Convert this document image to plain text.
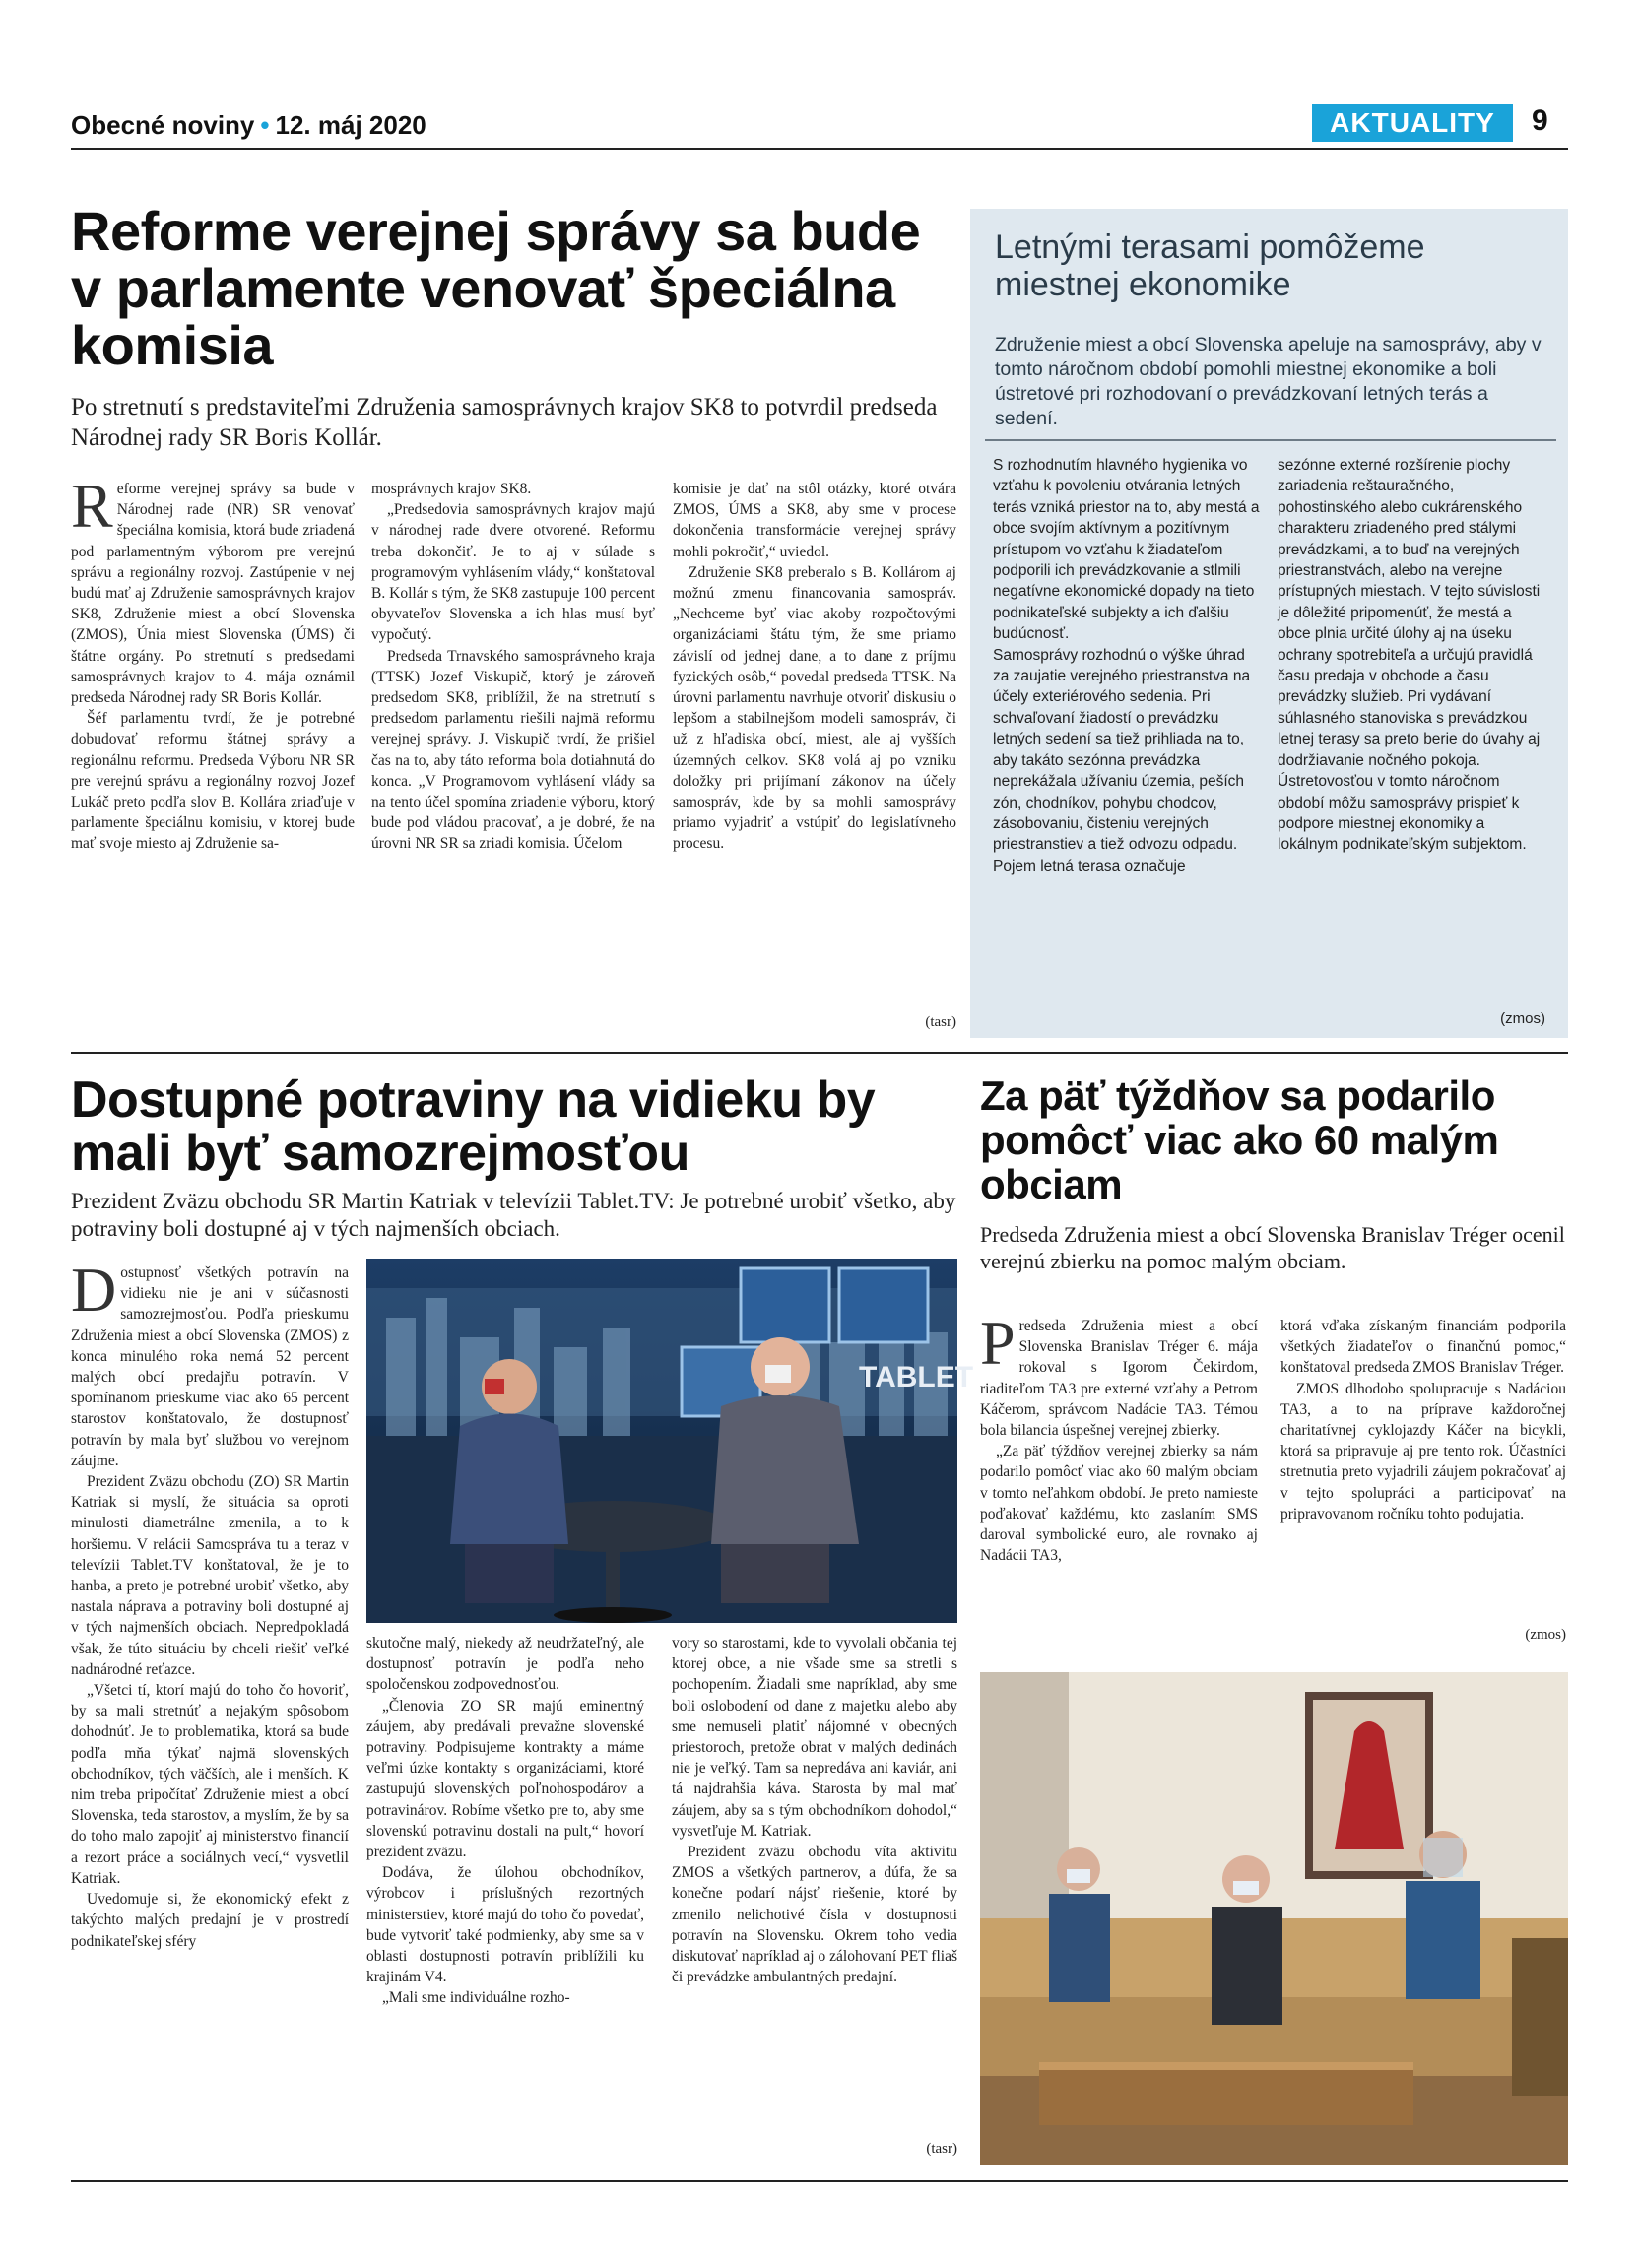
Obecné noviny • 12. máj 2020	AKTUALITY	9
Reforme verejnej správy sa bude v parlamente venovať špeciálna komisia
Po stretnutí s predstaviteľmi Združenia samosprávnych krajov SK8 to potvrdil predseda Národnej rady SR Boris Kollár.

Reforme verejnej správy sa bude v Národnej rade (NR) SR venovať špeciálna komisia, ktorá bude zriadená pod parlamentným výborom pre verejnú správu a regionálny rozvoj. Zastúpenie v nej budú mať aj Združenie samosprávnych krajov SK8, Združenie miest a obcí Slovenska (ZMOS), Únia miest Slovenska (ÚMS) či štátne orgány. Po stretnutí s predsedami samosprávnych krajov to 4. mája oznámil predseda Národnej rady SR Boris Kollár.

Šéf parlamentu tvrdí, že je potrebné dobudovať reformu štátnej správy a regionálnu reformu. Predseda Výboru NR SR pre verejnú správu a regionálny rozvoj Jozef Lukáč preto podľa slov B. Kollára zriaďuje v parlamente špeciálnu komisiu, v ktorej bude mať svoje miesto aj Združenie sa-

mosprávnych krajov SK8.

„Predsedovia samosprávnych krajov majú v národnej rade dvere otvorené. Reformu treba dokončiť. Je to aj v súlade s programovým vyhlásením vlády,“ konštatoval B. Kollár s tým, že SK8 zastupuje 100 percent obyvateľov Slovenska a ich hlas musí byť vypočutý.

Predseda Trnavského samosprávneho kraja (TTSK) Jozef Viskupič, ktorý je zároveň predsedom SK8, priblížil, že na stretnutí s predsedom parlamentu riešili najmä reformu verejnej správy. J. Viskupič tvrdí, že prišiel čas na to, aby táto reforma bola dotiahnutá do konca. „V Programovom vyhlásení vlády sa na tento účel spomína zriadenie výboru, ktorý bude pod vládou pracovať, a je dobré, že na úrovni NR SR sa zriadi komisia. Účelom

komisie je dať na stôl otázky, ktoré otvára ZMOS, ÚMS a SK8, aby sme v procese dokončenia transformácie verejnej správy mohli pokročiť,“ uviedol.

Združenie SK8 preberalo s B. Kollárom aj možnú zmenu financovania samospráv. „Nechceme byť viac akoby rozpočtovými organizáciami štátu tým, že sme priamo závislí od jednej dane, a to dane z príjmu fyzických osôb,“ povedal predseda TTSK. Na úrovni parlamentu navrhuje otvoriť diskusiu o lepšom a stabilnejšom modeli samospráv, či už z hľadiska obcí, miest, ale aj vyšších územných celkov. SK8 volá aj po vzniku doložky pri prijímaní zákonov na účely samospráv, kde by sa mohli samosprávy priamo vyjadriť a vstúpiť do legislatívneho procesu.

(tasr)
Letnými terasami pomôžeme miestnej ekonomike
Združenie miest a obcí Slovenska apeluje na samosprávy, aby v tomto náročnom období pomohli miestnej ekonomike a boli ústretové pri rozhodovaní o prevádzkovaní letných terás a sedení.

S rozhodnutím hlavného hygienika vo vzťahu k povoleniu otvárania letných terás vzniká priestor na to, aby mestá a obce svojím aktívnym a pozitívnym prístupom vo vzťahu k žiadateľom podporili ich prevádzkovanie a stlmili negatívne ekonomické dopady na tieto podnikateľské subjekty a ich ďalšiu budúcnosť.

Samosprávy rozhodnú o výške úhrad za zaujatie verejného priestranstva na účely exteriérového sedenia. Pri schvaľovaní žiadostí o prevádzku letných sedení sa tiež prihliada na to, aby takáto sezónna prevádzka neprekážala užívaniu územia, peších zón, chodníkov, pohybu chodcov, zásobovaniu, čisteniu verejných priestranstiev a tiež odvozu odpadu.

Pojem letná terasa označuje

sezónne externé rozšírenie plochy zariadenia reštauračného, pohostinského alebo cukrárenského charakteru zriadeného pred stálymi prevádzkami, a to buď na verejných priestranstvách, alebo na verejne prístupných miestach. V tejto súvislosti je dôležité pripomenúť, že mestá a obce plnia určité úlohy aj na úseku ochrany spotrebiteľa a určujú pravidlá času predaja v obchode a času prevádzky služieb. Pri vydávaní súhlasného stanoviska s prevádzkou letnej terasy sa preto berie do úvahy aj dodržiavanie nočného pokoja.

Ústretovosťou v tomto náročnom období môžu samosprávy prispieť k podpore miestnej ekonomiky a lokálnym podnikateľským subjektom.

(zmos)
Dostupné potraviny na vidieku by mali byť samozrejmosťou
Prezident Zväzu obchodu SR Martin Katriak v televízii Tablet.TV: Je potrebné urobiť všetko, aby potraviny boli dostupné aj v tých najmenších obciach.

Dostupnosť všetkých potravín na vidieku nie je ani v súčasnosti samozrejmosťou. Podľa prieskumu Združenia miest a obcí Slovenska (ZMOS) z konca minulého roka nemá 52 percent malých obcí predajňu potravín. V spomínanom prieskume viac ako 65 percent starostov konštatovalo, že dostupnosť potravín by mala byť službou vo verejnom záujme.

Prezident Zväzu obchodu (ZO) SR Martin Katriak si myslí, že situácia sa oproti minulosti diametrálne zmenila, a to k horšiemu. V relácii Samospráva tu a teraz v televízii Tablet.TV konštatoval, že je to hanba, a preto je potrebné urobiť všetko, aby nastala náprava a potraviny boli dostupné aj v tých najmenších obciach. Nepredpokladá však, že túto situáciu by chceli riešiť veľké nadnárodné reťazce.

„Všetci tí, ktorí majú do toho čo hovoriť, by sa mali stretnúť a nejakým spôsobom dohodnúť. Je to problematika, ktorá sa bude podľa mňa týkať najmä slovenských obchodníkov, tých väčších, ale i menších. K nim treba pripočítať Združenie miest a obcí Slovenska, teda starostov, a myslím, že by sa do toho malo zapojiť aj ministerstvo financií a rezort práce a sociálnych vecí,“ vysvetlil Katriak.

Uvedomuje si, že ekonomický efekt z takýchto malých predajní je v prostredí podnikateľskej sféry

TABLET

skutočne malý, niekedy až neudržateľný, ale dostupnosť potravín je podľa neho spoločenskou zodpovednosťou.

„Členovia ZO SR majú eminentný záujem, aby predávali prevažne slovenské potraviny. Podpisujeme kontrakty a máme veľmi úzke kontakty s organizáciami, ktoré zastupujú slovenských poľnohospodárov a potravinárov. Robíme všetko pre to, aby sme slovenskú potravinu dostali na pult,“ hovorí prezident zväzu.

Dodáva, že úlohou obchodníkov, výrobcov i príslušných rezortných ministerstiev, ktoré majú do toho čo povedať, bude vytvoriť také podmienky, aby sme sa v oblasti dostupnosti potravín priblížili ku krajinám V4.

„Mali sme individuálne rozho-

vory so starostami, kde to vyvolali občania tej ktorej obce, a nie všade sme sa stretli s pochopením. Žiadali sme napríklad, aby sme boli oslobodení od dane z majetku alebo aby sme nemuseli platiť nájomné v obecných priestoroch, pretože obrat v malých dedinách nie je veľký. Tam sa nepredáva ani kaviár, ani tá najdrahšia káva. Starosta by mal mať záujem, aby sa s tým obchodníkom dohodol,“ vysvetľuje M. Katriak.

Prezident zväzu obchodu víta aktivitu ZMOS a všetkých partnerov, a dúfa, že sa konečne podarí nájsť riešenie, ktoré by zmenilo nelichotivé čísla v dostupnosti potravín na Slovensku. Okrem toho vedia diskutovať napríklad aj o zálohovaní PET fliaš či prevádzke ambulantných predajní.

(tasr)
Za päť týždňov sa podarilo pomôcť viac ako 60 malým obciam
Predseda Združenia miest a obcí Slovenska Branislav Tréger ocenil verejnú zbierku na pomoc malým obciam.

Predseda Združenia miest a obcí Slovenska Branislav Tréger 6. mája rokoval s Igorom Čekirdom, riaditeľom TA3 pre externé vzťahy a Petrom Káčerom, správcom Nadácie TA3. Témou bola bilancia úspešnej verejnej zbierky.

„Za päť týždňov verejnej zbierky sa nám podarilo pomôcť viac ako 60 malým obciam v tomto neľahkom období. Je preto namieste poďakovať každému, kto zaslaním SMS daroval symbolické euro, ale rovnako aj Nadácii TA3,

ktorá vďaka získaným financiám podporila všetkých žiadateľov o finančnú pomoc,“ konštatoval predseda ZMOS Branislav Tréger.

ZMOS dlhodobo spolupracuje s Nadáciou TA3, a to na príprave každoročnej charitatívnej cyklojazdy Káčer na bicykli, ktorá sa pripravuje aj pre tento rok. Účastníci stretnutia preto vyjadrili záujem pokračovať aj v tejto spolupráci a participovať na pripravovanom ročníku tohto podujatia.

(zmos)
